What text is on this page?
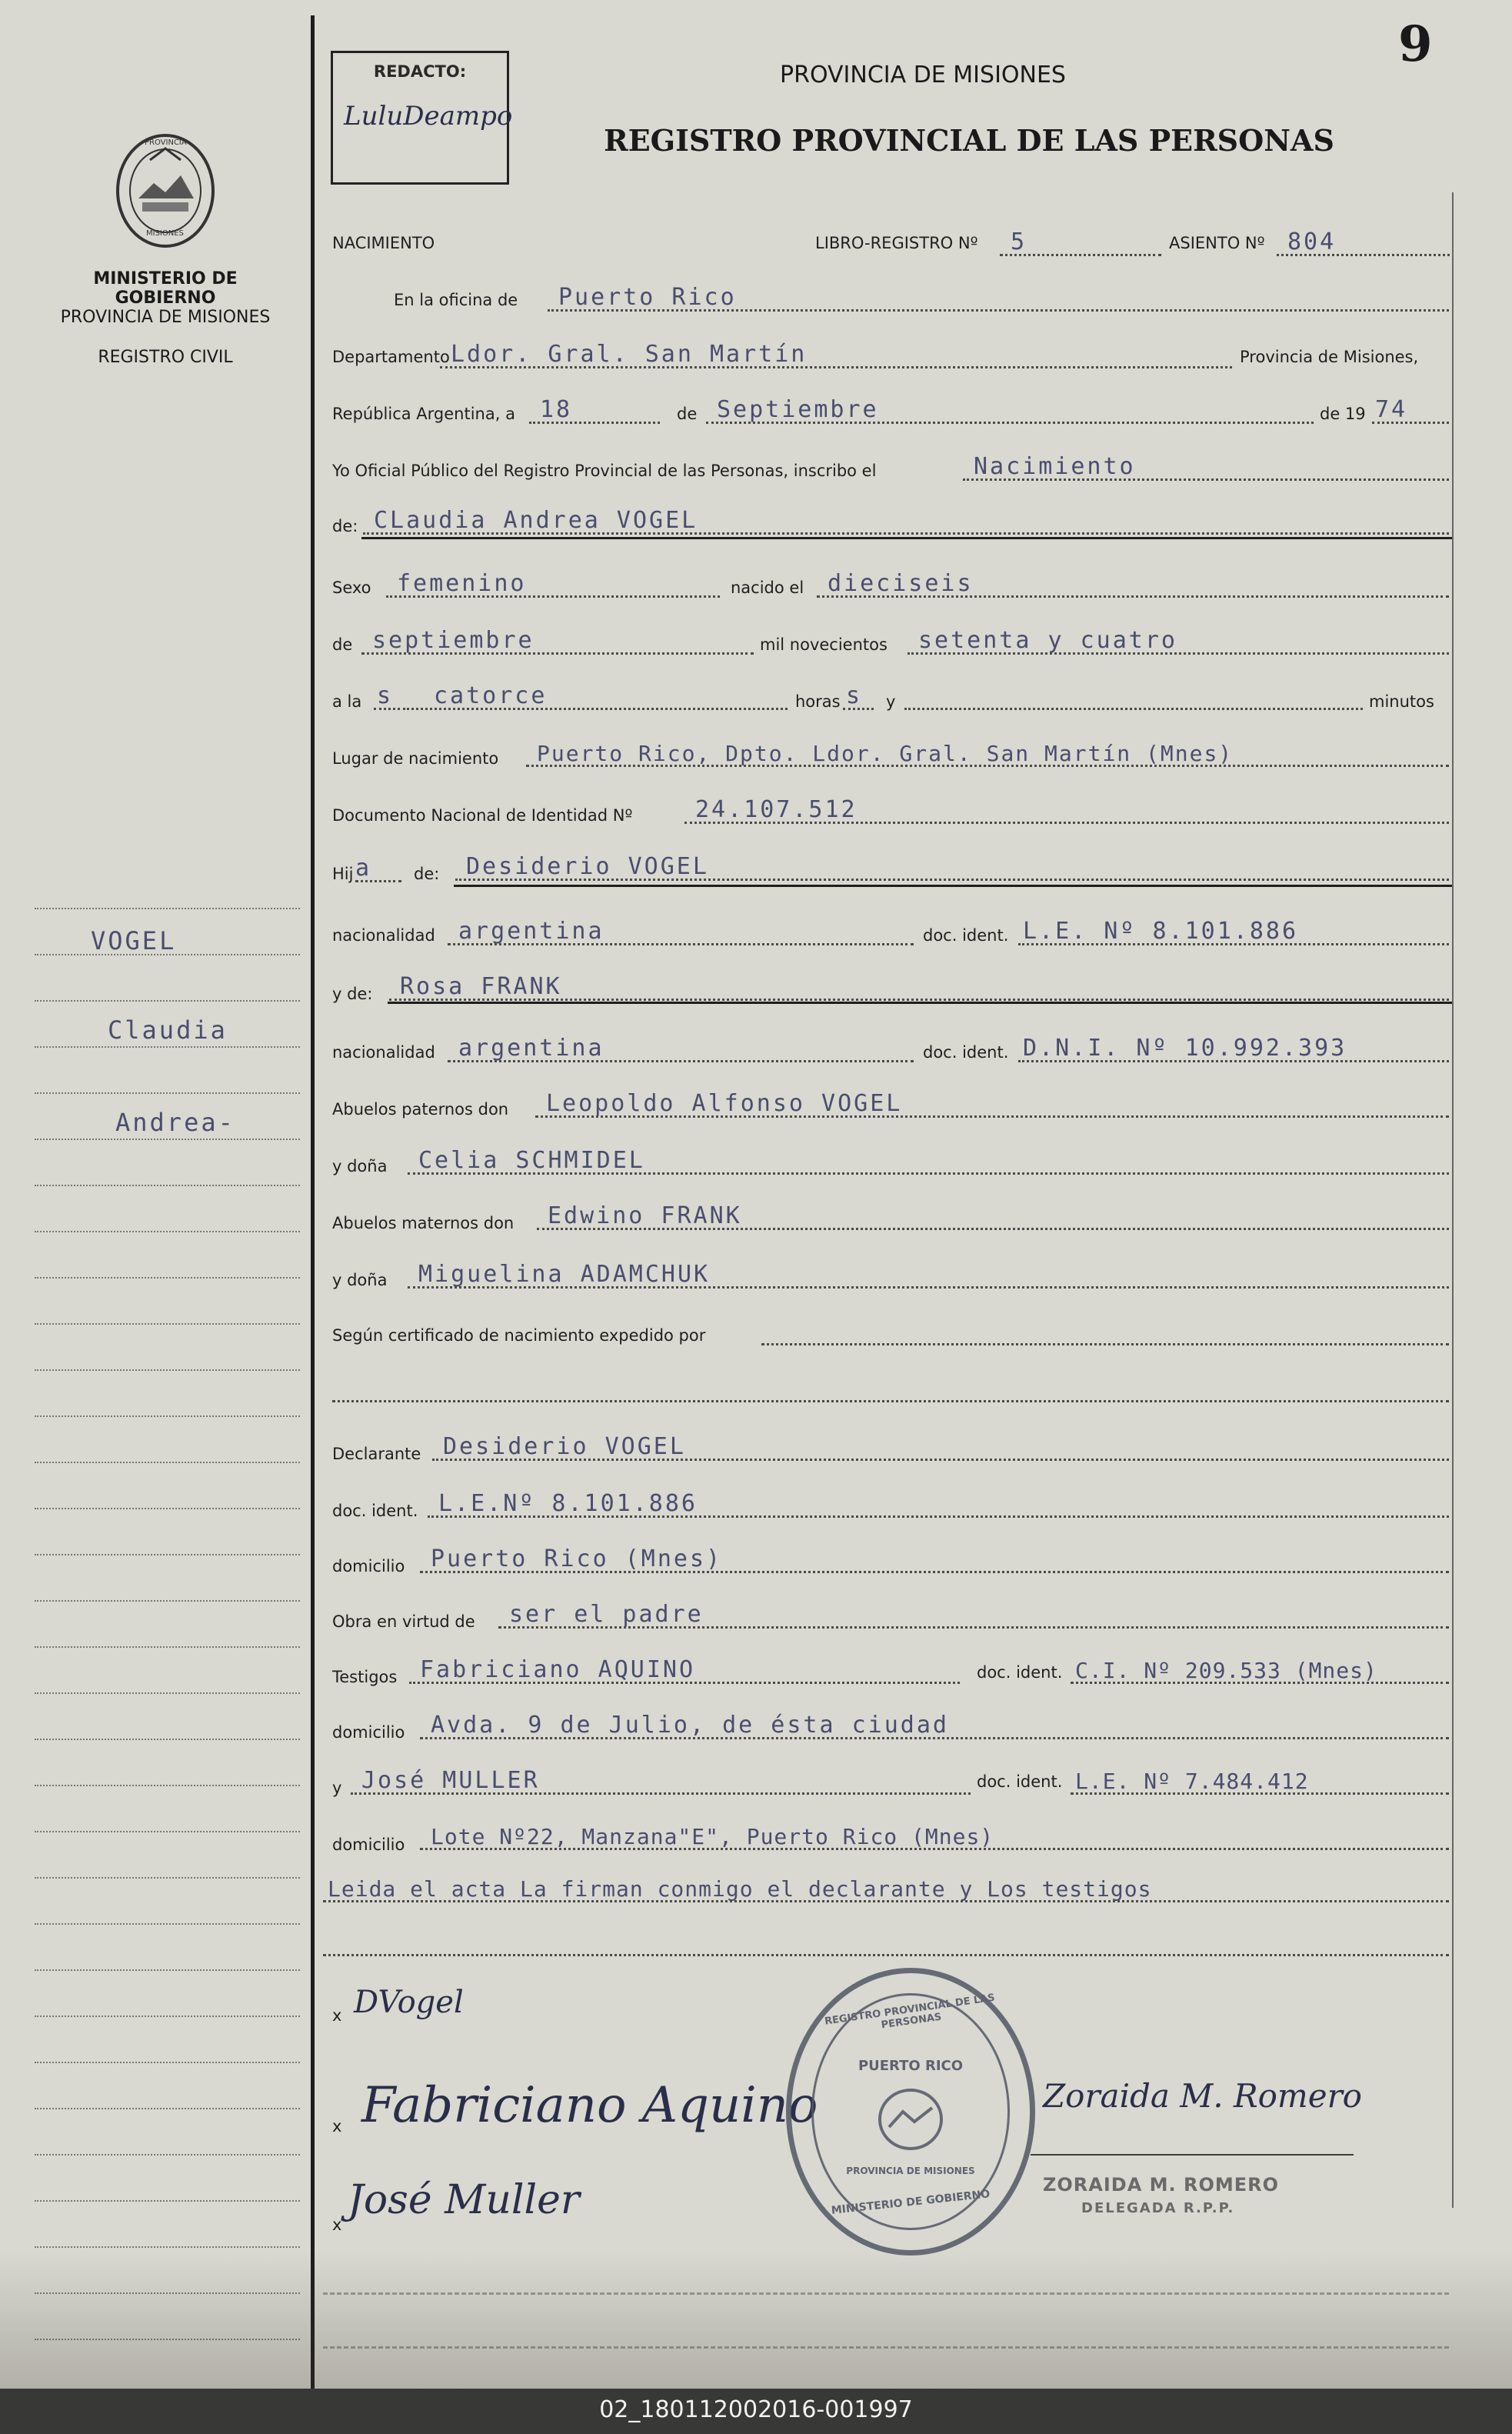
9
PROVINCIA
MISIONES
MINISTERIO DE GOBIERNO
PROVINCIA DE MISIONES
REGISTRO CIVIL
VOGEL
Claudia
Andrea-
REDACTO:
LuluDeampo
PROVINCIA DE MISIONES
REGISTRO PROVINCIAL DE LAS PERSONAS
NACIMIENTO	LIBRO-REGISTRO Nº 5	ASIENTO Nº 804
En la oficina de Puerto Rico
Departamento Ldor. Gral. San Martín	Provincia de Misiones,
República Argentina, a 18	de Septiembre	de 19 74
Yo Oficial Público del Registro Provincial de las Personas, inscribo el	Nacimiento
de: CLaudia Andrea VOGEL
Sexo femenino	nacido el dieciseis
de septiembre	mil novecientos setenta y cuatro
a la s catorce	horas s y	minutos
Lugar de nacimiento Puerto Rico, Dpto. Ldor. Gral. San Martín (Mnes)
Documento Nacional de Identidad Nº	24.107.512
Hij a	de: Desiderio VOGEL
nacionalidad argentina	doc. ident. L.E. Nº 8.101.886
y de: Rosa FRANK
nacionalidad argentina	doc. ident. D.N.I. Nº 10.992.393
Abuelos paternos don Leopoldo Alfonso VOGEL
y doña Celia SCHMIDEL
Abuelos maternos don Edwino FRANK
y doña Miguelina ADAMCHUK
Según certificado de nacimiento expedido por
Declarante Desiderio VOGEL
doc. ident. L.E.Nº 8.101.886
domicilio Puerto Rico (Mnes)
Obra en virtud de ser el padre
Testigos Fabriciano AQUINO	doc. ident. C.I. Nº 209.533 (Mnes)
domicilio Avda. 9 de Julio, de ésta ciudad
y José MULLER	doc. ident. L.E. Nº 7.484.412
domicilio Lote Nº22, Manzana"E", Puerto Rico (Mnes)
Leida el acta La firman conmigo el declarante y Los testigos
x DVogel
x Fabriciano Aquino
x
José Muller
REGISTRO PROVINCIAL DE LAS PERSONAS
PUERTO RICO
PROVINCIA DE MISIONES
MINISTERIO DE GOBIERNO
Zoraida M. Romero
ZORAIDA M. ROMERO
DELEGADA R.P.P.
02_180112002016-001997
